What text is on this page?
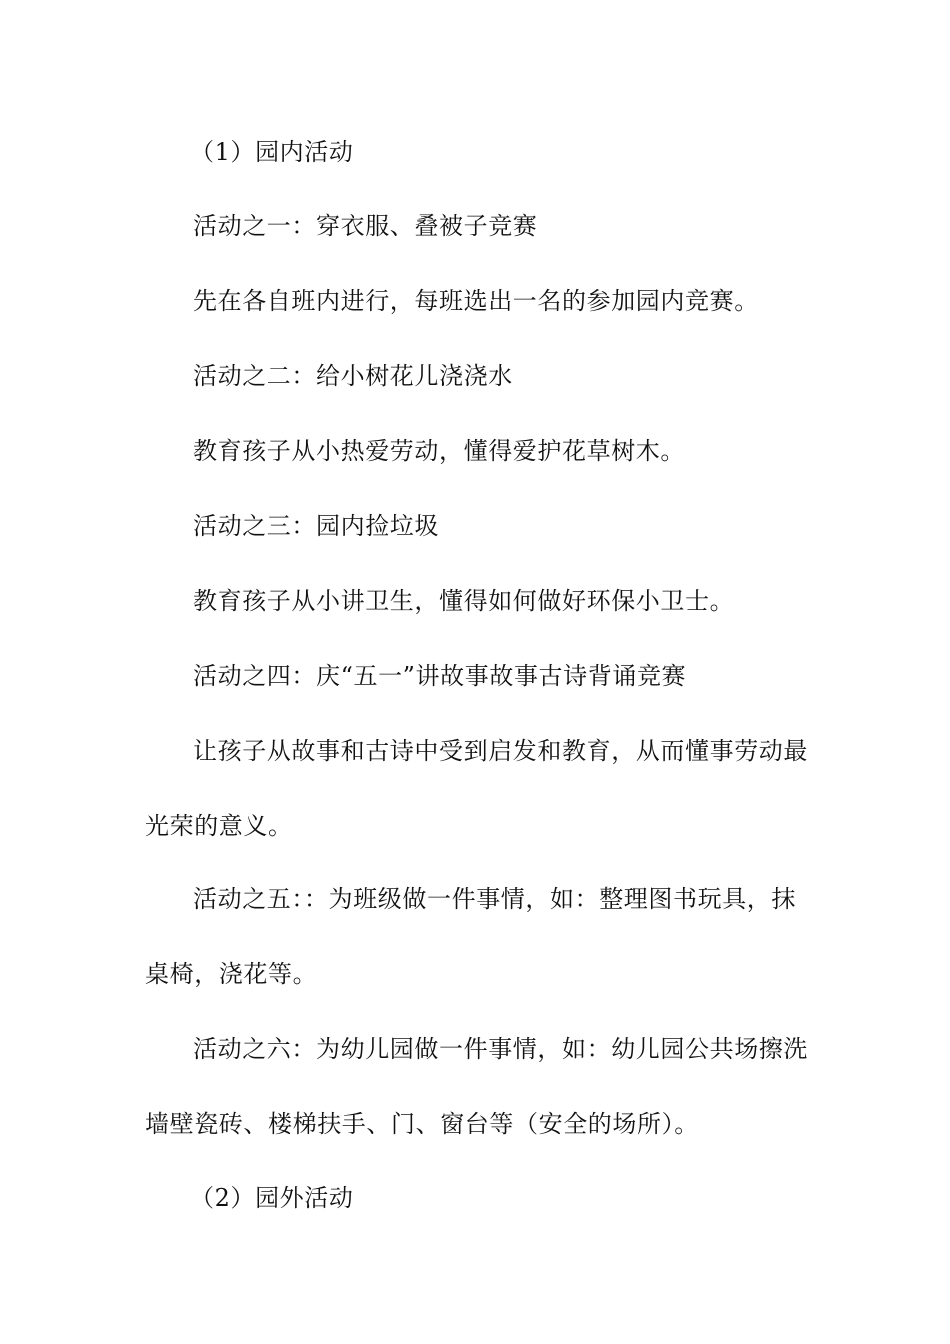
（1）园内活动
活动之一：穿衣服、叠被子竞赛
先在各自班内进行，每班选出一名的参加园内竞赛。
活动之二：给小树花儿浇浇水
教育孩子从小热爱劳动，懂得爱护花草树木。
活动之三：园内捡垃圾
教育孩子从小讲卫生，懂得如何做好环保小卫士。
活动之四：庆“五一”讲故事故事古诗背诵竞赛
让孩子从故事和古诗中受到启发和教育，从而懂事劳动最
光荣的意义。
活动之五：：为班级做一件事情，如：整理图书玩具，抹
桌椅，浇花等。
活动之六：为幼儿园做一件事情，如：幼儿园公共场擦洗
墙壁瓷砖、楼梯扶手、门、窗台等（安全的场所）。
（2）园外活动
